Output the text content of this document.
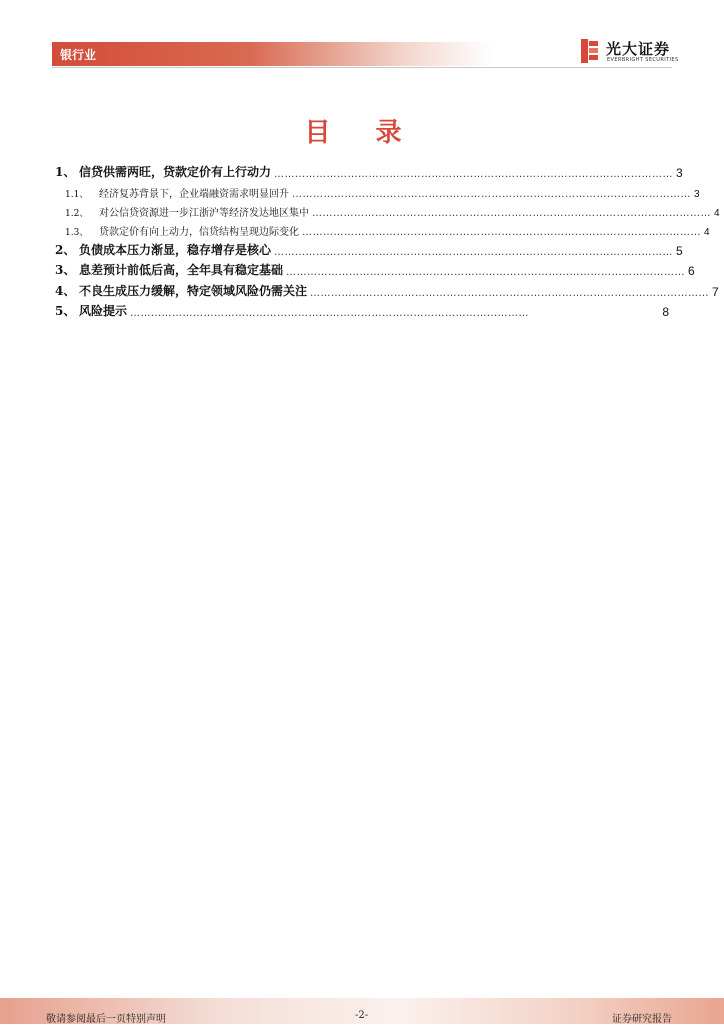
银行业	光大证券
EVERBRIGHT SECURITIES
目 录
1、 信贷供需两旺，贷款定价有上行动力 …………………………………………………………………………………………………… 3
1.1、	经济复苏背景下，企业端融资需求明显回升 …………………………………………………………………………………………………… 3
1.2、	对公信贷资源进一步江浙沪等经济发达地区集中 …………………………………………………………………………………………………… 4
1.3、	贷款定价有向上动力，信贷结构呈现边际变化 …………………………………………………………………………………………………… 4
2、 负债成本压力渐显，稳存增存是核心 …………………………………………………………………………………………………… 5
3、 息差预计前低后高，全年具有稳定基础 …………………………………………………………………………………………………… 6
4、 不良生成压力缓解，特定领域风险仍需关注 …………………………………………………………………………………………………… 7
5、 风险提示 ……………………………………………………………………………………………………	8
敬请参阅最后一页特别声明	-2-	证券研究报告
